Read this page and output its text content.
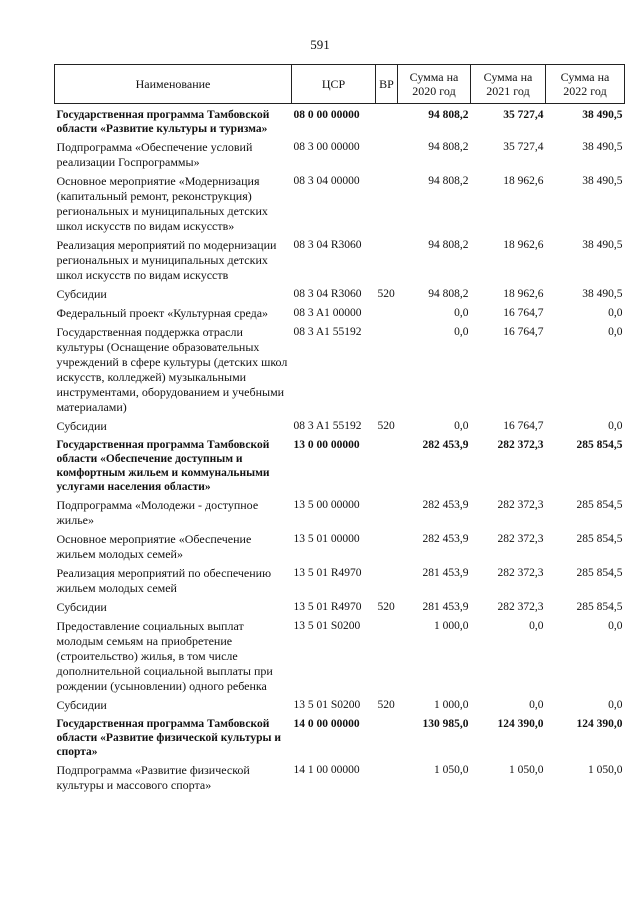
591
Наименование	ЦСР	ВР	Сумма на 2020 год	Сумма на 2021 год	Сумма на 2022 год
Государственная программа Тамбовской области «Развитие культуры и туризма»	08 0 00 00000		94 808,2	35 727,4	38 490,5
Подпрограмма «Обеспечение условий реализации Госпрограммы»	08 3 00 00000		94 808,2	35 727,4	38 490,5
Основное мероприятие «Модернизация (капитальный ремонт, реконструкция) региональных и муниципальных детских школ искусств по видам искусств»	08 3 04 00000		94 808,2	18 962,6	38 490,5
Реализация мероприятий по модернизации региональных и муниципальных детских школ искусств по видам искусств	08 3 04 R3060		94 808,2	18 962,6	38 490,5
Субсидии	08 3 04 R3060	520	94 808,2	18 962,6	38 490,5
Федеральный проект «Культурная среда»	08 3 A1 00000		0,0	16 764,7	0,0
Государственная поддержка отрасли культуры (Оснащение образовательных учреждений в сфере культуры (детских школ искусств, колледжей) музыкальными инструментами, оборудованием и учебными материалами)	08 3 A1 55192		0,0	16 764,7	0,0
Субсидии	08 3 A1 55192	520	0,0	16 764,7	0,0
Государственная программа Тамбовской области «Обеспечение доступным и комфортным жильем и коммунальными услугами населения области»	13 0 00 00000		282 453,9	282 372,3	285 854,5
Подпрограмма «Молодежи - доступное жилье»	13 5 00 00000		282 453,9	282 372,3	285 854,5
Основное мероприятие «Обеспечение жильем молодых семей»	13 5 01 00000		282 453,9	282 372,3	285 854,5
Реализация мероприятий по обеспечению жильем молодых семей	13 5 01 R4970		281 453,9	282 372,3	285 854,5
Субсидии	13 5 01 R4970	520	281 453,9	282 372,3	285 854,5
Предоставление социальных выплат молодым семьям на приобретение (строительство) жилья, в том числе дополнительной социальной выплаты при рождении (усыновлении) одного ребенка	13 5 01 S0200		1 000,0	0,0	0,0
Субсидии	13 5 01 S0200	520	1 000,0	0,0	0,0
Государственная программа Тамбовской области «Развитие физической культуры и спорта»	14 0 00 00000		130 985,0	124 390,0	124 390,0
Подпрограмма «Развитие физической культуры и массового спорта»	14 1 00 00000		1 050,0	1 050,0	1 050,0
